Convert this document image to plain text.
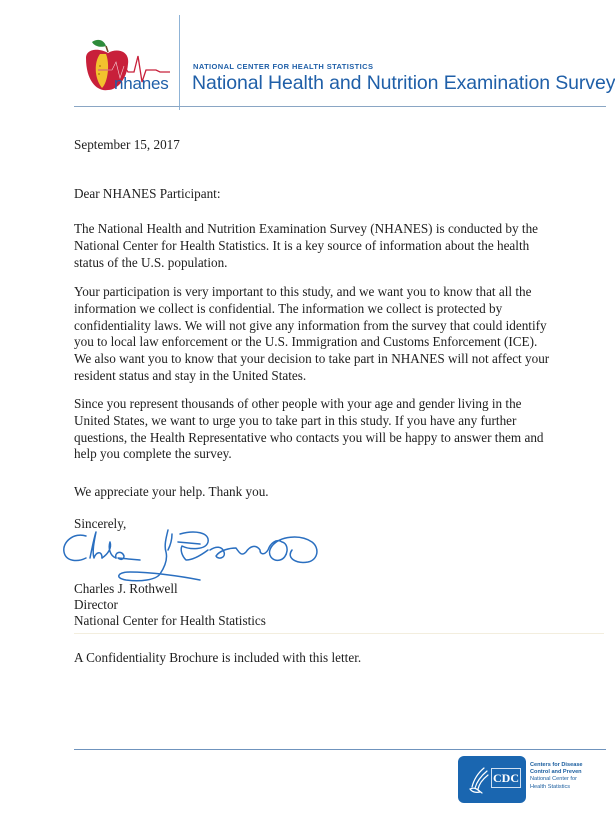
nhanes
NATIONAL CENTER FOR HEALTH STATISTICS
National Health and Nutrition Examination Survey
September 15, 2017
Dear NHANES Participant:
The National Health and Nutrition Examination Survey (NHANES) is conducted by the National Center for Health Statistics. It is a key source of information about the health status of the U.S. population.
Your participation is very important to this study, and we want you to know that all the information we collect is confidential. The information we collect is protected by confidentiality laws. We will not give any information from the survey that could identify you to local law enforcement or the U.S. Immigration and Customs Enforcement (ICE). We also want you to know that your decision to take part in NHANES will not affect your resident status and stay in the United States.
Since you represent thousands of other people with your age and gender living in the United States, we want to urge you to take part in this study. If you have any further questions, the Health Representative who contacts you will be happy to answer them and help you complete the survey.
We appreciate your help. Thank you.
Sincerely,
Charles J. Rothwell
Director
National Center for Health Statistics
A Confidentiality Brochure is included with this letter.
CDC
Centers for Disease
Control and Preven
National Center for
Health Statistics
